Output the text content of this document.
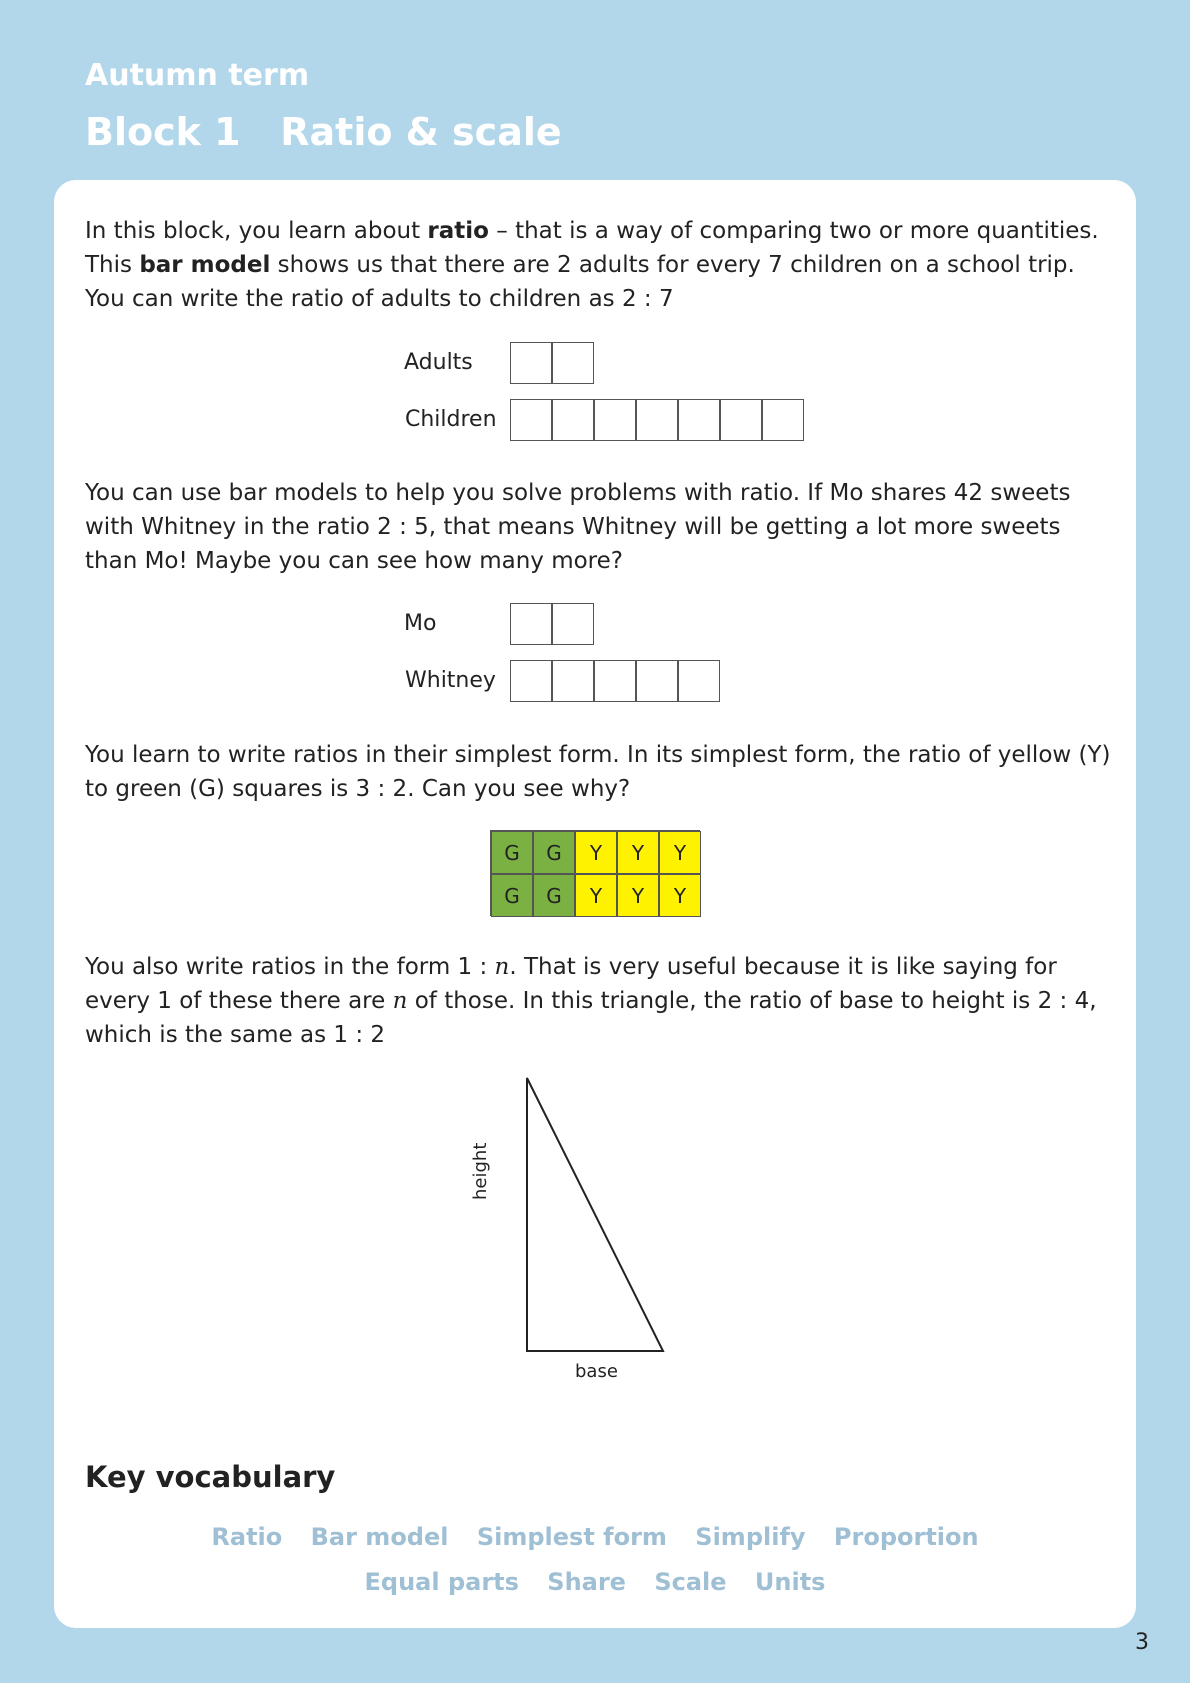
Autumn term
Block 1   Ratio & scale

In this block, you learn about ratio – that is a way of comparing two or more quantities. This bar model shows us that there are 2 adults for every 7 children on a school trip. You can write the ratio of adults to children as 2 : 7

Adults
Children

You can use bar models to help you solve problems with ratio. If Mo shares 42 sweets with Whitney in the ratio 2 : 5, that means Whitney will be getting a lot more sweets than Mo! Maybe you can see how many more?

Mo
Whitney

You learn to write ratios in their simplest form. In its simplest form, the ratio of yellow (Y) to green (G) squares is 3 : 2. Can you see why?

G	G	Y	Y	Y
G	G	Y	Y	Y

You also write ratios in the form 1 : n. That is very useful because it is like saying for every 1 of these there are n of those. In this triangle, the ratio of base to height is 2 : 4, which is the same as 1 : 2

height
base
Key vocabulary
Ratio Bar model Simplest form Simplify Proportion
Equal parts Share Scale Units
3
